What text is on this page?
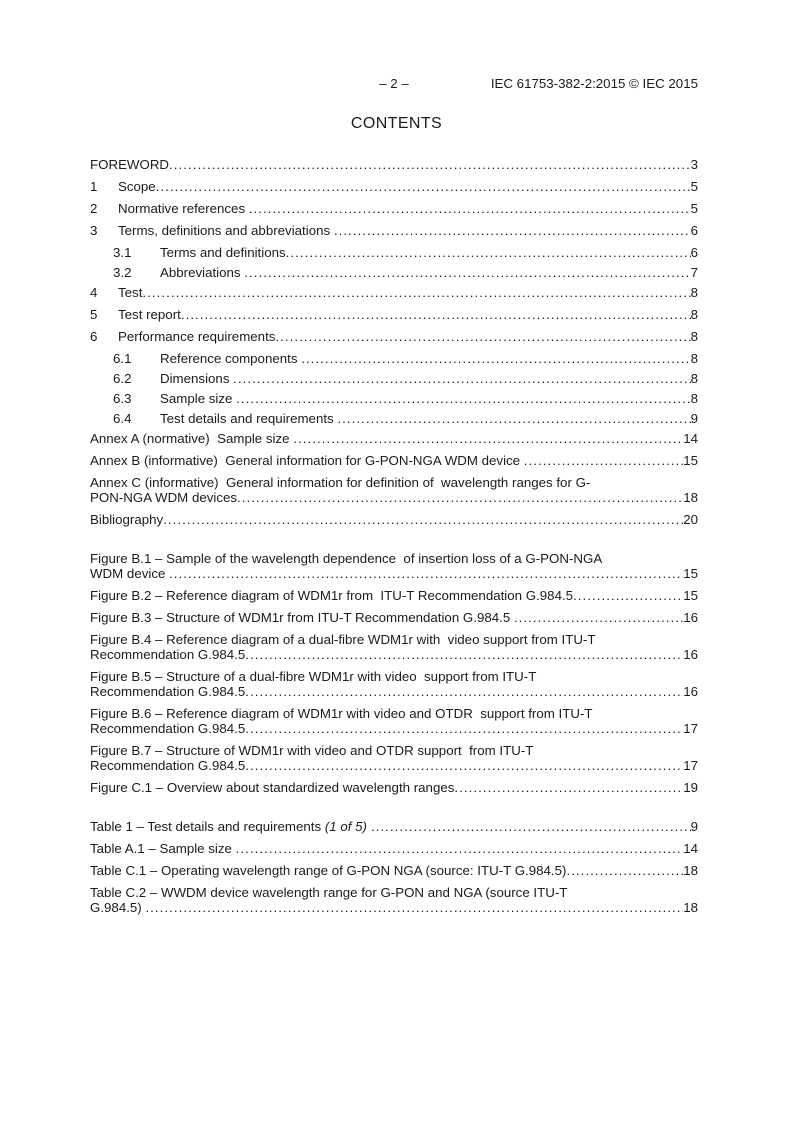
– 2 –	IEC 61753-382-2:2015 © IEC 2015
CONTENTS
FOREWORD .....	3
1	Scope .....	5
2	Normative references .....	5
3	Terms, definitions and abbreviations .....	6
3.1	Terms and definitions .....	6
3.2	Abbreviations .....	7
4	Test .....	8
5	Test report .....	8
6	Performance requirements .....	8
6.1	Reference components .....	8
6.2	Dimensions .....	8
6.3	Sample size .....	8
6.4	Test details and requirements .....	9
Annex A (normative)  Sample size .....	14
Annex B (informative)  General information for G-PON-NGA WDM device .....	15
Annex C (informative)  General information for definition of  wavelength ranges for G-
PON-NGA WDM devices .....	18
Bibliography .....	20
Figure B.1 – Sample of the wavelength dependence  of insertion loss of a G-PON-NGA
WDM device .....	15
Figure B.2 – Reference diagram of WDM1r from  ITU-T Recommendation G.984.5 .....	15
Figure B.3 – Structure of WDM1r from ITU-T Recommendation G.984.5 .....	16
Figure B.4 – Reference diagram of a dual-fibre WDM1r with  video support from ITU-T
Recommendation G.984.5 .....	16
Figure B.5 – Structure of a dual-fibre WDM1r with video  support from ITU-T
Recommendation G.984.5 .....	16
Figure B.6 – Reference diagram of WDM1r with video and OTDR  support from ITU-T
Recommendation G.984.5 .....	17
Figure B.7 – Structure of WDM1r with video and OTDR support  from ITU-T
Recommendation G.984.5 .....	17
Figure C.1 – Overview about standardized wavelength ranges .....	19
Table 1 – Test details and requirements (1 of 5) .....	9
Table A.1 – Sample size .....	14
Table C.1 – Operating wavelength range of G-PON NGA (source: ITU-T G.984.5) .....	18
Table C.2 – WWDM device wavelength range for G-PON and NGA (source ITU-T
G.984.5) .....	18
